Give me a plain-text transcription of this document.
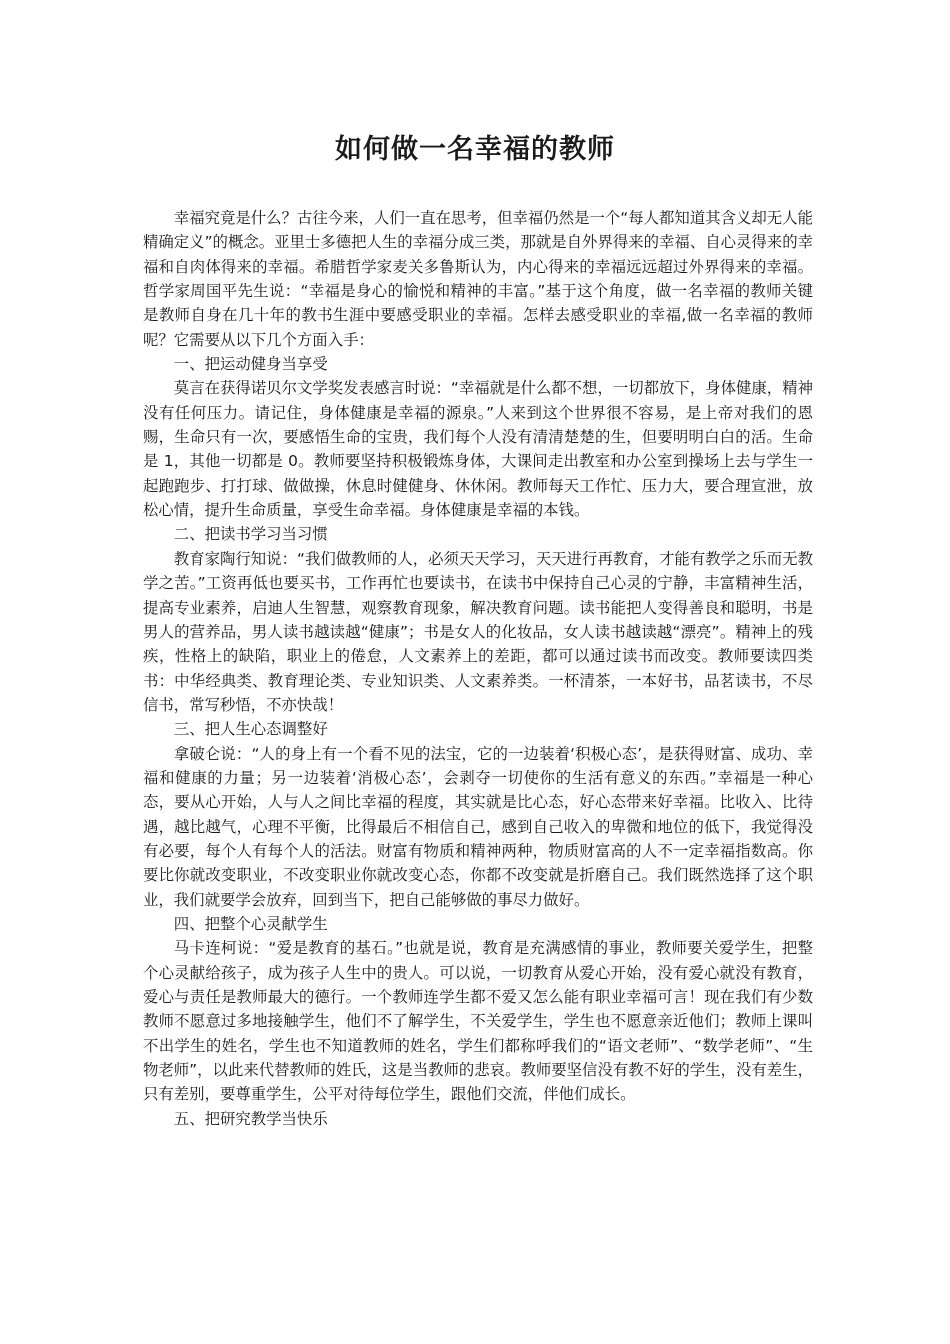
如何做一名幸福的教师

幸福究竟是什么？古往今来，人们一直在思考，但幸福仍然是一个“每人都知道其含义却无人能精确定义”的概念。亚里士多德把人生的幸福分成三类，那就是自外界得来的幸福、自心灵得来的幸福和自肉体得来的幸福。希腊哲学家麦关多鲁斯认为，内心得来的幸福远远超过外界得来的幸福。哲学家周国平先生说：“幸福是身心的愉悦和精神的丰富。”基于这个角度，做一名幸福的教师关键是教师自身在几十年的教书生涯中要感受职业的幸福。怎样去感受职业的幸福,做一名幸福的教师呢？它需要从以下几个方面入手：

一、把运动健身当享受

莫言在获得诺贝尔文学奖发表感言时说：“幸福就是什么都不想，一切都放下，身体健康，精神没有任何压力。请记住，身体健康是幸福的源泉。”人来到这个世界很不容易，是上帝对我们的恩赐，生命只有一次，要感悟生命的宝贵，我们每个人没有清清楚楚的生，但要明明白白的活。生命是 1，其他一切都是 0。教师要坚持积极锻炼身体，大课间走出教室和办公室到操场上去与学生一起跑跑步、打打球、做做操，休息时健健身、休休闲。教师每天工作忙、压力大，要合理宣泄，放松心情，提升生命质量，享受生命幸福。身体健康是幸福的本钱。

二、把读书学习当习惯

教育家陶行知说：“我们做教师的人，必须天天学习，天天进行再教育，才能有教学之乐而无教学之苦。”工资再低也要买书，工作再忙也要读书，在读书中保持自己心灵的宁静，丰富精神生活，提高专业素养，启迪人生智慧，观察教育现象，解决教育问题。读书能把人变得善良和聪明，书是男人的营养品，男人读书越读越“健康”；书是女人的化妆品，女人读书越读越“漂亮”。精神上的残疾，性格上的缺陷，职业上的倦怠，人文素养上的差距，都可以通过读书而改变。教师要读四类书：中华经典类、教育理论类、专业知识类、人文素养类。一杯清茶，一本好书，品茗读书，不尽信书，常写秒悟，不亦快哉！

三、把人生心态调整好

拿破仑说：“人的身上有一个看不见的法宝，它的一边装着‘积极心态’，是获得财富、成功、幸福和健康的力量；另一边装着‘消极心态’，会剥夺一切使你的生活有意义的东西。”幸福是一种心态，要从心开始，人与人之间比幸福的程度，其实就是比心态，好心态带来好幸福。比收入、比待遇，越比越气，心理不平衡，比得最后不相信自己，感到自己收入的卑微和地位的低下，我觉得没有必要，每个人有每个人的活法。财富有物质和精神两种，物质财富高的人不一定幸福指数高。你要比你就改变职业，不改变职业你就改变心态，你都不改变就是折磨自己。我们既然选择了这个职业，我们就要学会放弃，回到当下，把自己能够做的事尽力做好。

四、把整个心灵献学生

马卡连柯说：“爱是教育的基石。”也就是说，教育是充满感情的事业，教师要关爱学生，把整个心灵献给孩子，成为孩子人生中的贵人。可以说，一切教育从爱心开始，没有爱心就没有教育，爱心与责任是教师最大的德行。一个教师连学生都不爱又怎么能有职业幸福可言！现在我们有少数教师不愿意过多地接触学生，他们不了解学生，不关爱学生，学生也不愿意亲近他们；教师上课叫不出学生的姓名，学生也不知道教师的姓名，学生们都称呼我们的“语文老师”、“数学老师”、“生物老师”，以此来代替教师的姓氏，这是当教师的悲哀。教师要坚信没有教不好的学生，没有差生，只有差别，要尊重学生，公平对待每位学生，跟他们交流，伴他们成长。

五、把研究教学当快乐
